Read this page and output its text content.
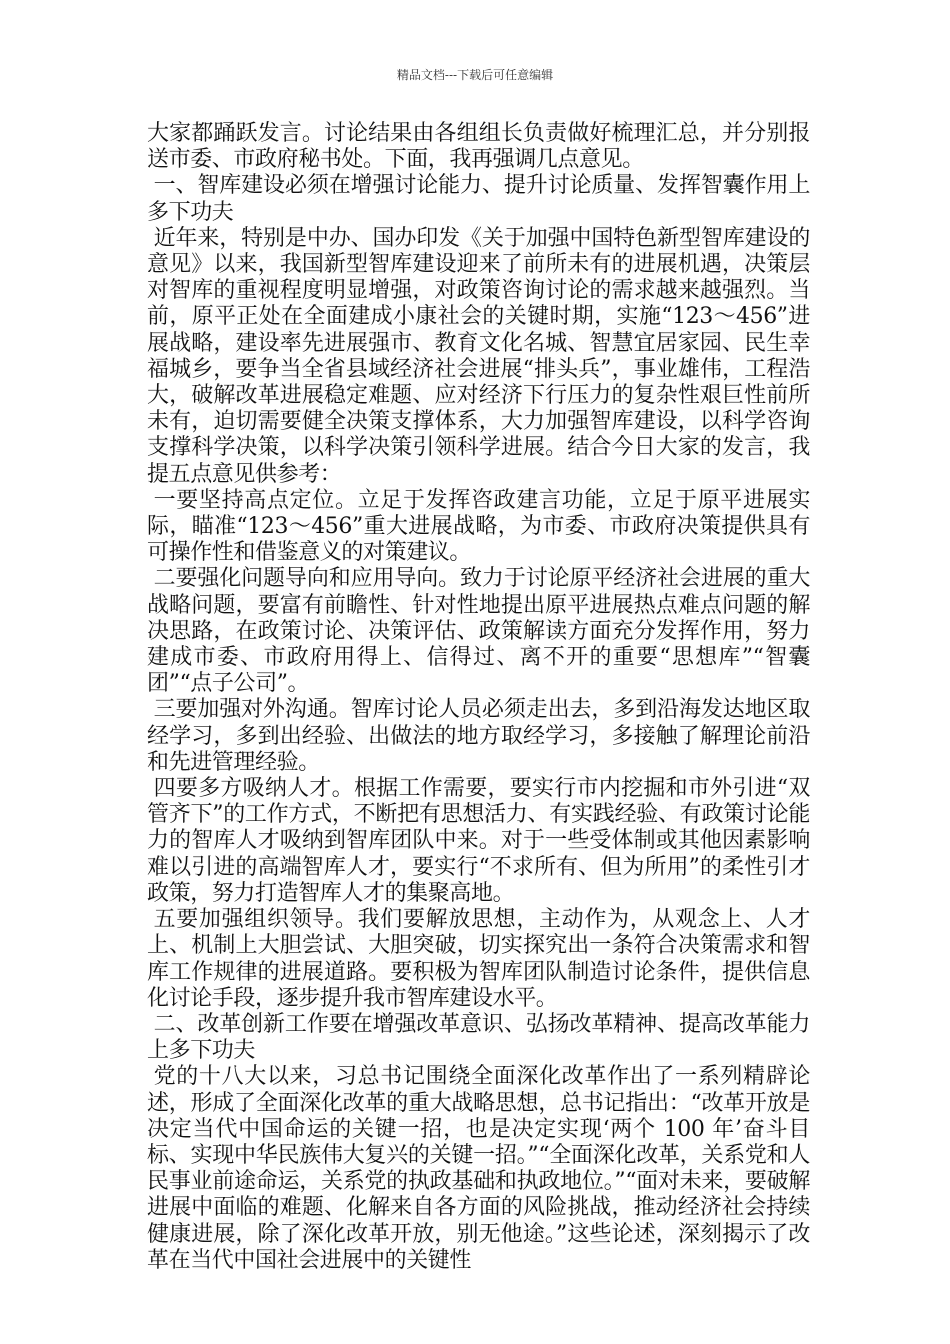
精品文档---下载后可任意编辑

大家都踊跃发言。讨论结果由各组组长负责做好梳理汇总，并分别报送市委、市政府秘书处。下面，我再强调几点意见。

一、智库建设必须在增强讨论能力、提升讨论质量、发挥智囊作用上多下功夫

近年来，特别是中办、国办印发《关于加强中国特色新型智库建设的意见》以来，我国新型智库建设迎来了前所未有的进展机遇，决策层对智库的重视程度明显增强，对政策咨询讨论的需求越来越强烈。当前，原平正处在全面建成小康社会的关键时期，实施“123～456”进展战略，建设率先进展强市、教育文化名城、智慧宜居家园、民生幸福城乡，要争当全省县域经济社会进展“排头兵”，事业雄伟，工程浩大，破解改革进展稳定难题、应对经济下行压力的复杂性艰巨性前所未有，迫切需要健全决策支撑体系，大力加强智库建设，以科学咨询支撑科学决策，以科学决策引领科学进展。结合今日大家的发言，我提五点意见供参考：

一要坚持高点定位。立足于发挥咨政建言功能，立足于原平进展实际，瞄准“123～456”重大进展战略，为市委、市政府决策提供具有可操作性和借鉴意义的对策建议。

二要强化问题导向和应用导向。致力于讨论原平经济社会进展的重大战略问题，要富有前瞻性、针对性地提出原平进展热点难点问题的解决思路，在政策讨论、决策评估、政策解读方面充分发挥作用，努力建成市委、市政府用得上、信得过、离不开的重要“思想库”“智囊团”“点子公司”。

三要加强对外沟通。智库讨论人员必须走出去，多到沿海发达地区取经学习，多到出经验、出做法的地方取经学习，多接触了解理论前沿和先进管理经验。

四要多方吸纳人才。根据工作需要，要实行市内挖掘和市外引进“双管齐下”的工作方式，不断把有思想活力、有实践经验、有政策讨论能力的智库人才吸纳到智库团队中来。对于一些受体制或其他因素影响难以引进的高端智库人才，要实行“不求所有、但为所用”的柔性引才政策，努力打造智库人才的集聚高地。

五要加强组织领导。我们要解放思想，主动作为，从观念上、人才上、机制上大胆尝试、大胆突破，切实探究出一条符合决策需求和智库工作规律的进展道路。要积极为智库团队制造讨论条件，提供信息化讨论手段，逐步提升我市智库建设水平。

二、改革创新工作要在增强改革意识、弘扬改革精神、提高改革能力上多下功夫

党的十八大以来，习总书记围绕全面深化改革作出了一系列精辟论述，形成了全面深化改革的重大战略思想，总书记指出：“改革开放是决定当代中国命运的关键一招，也是决定实现‘两个 100 年’奋斗目标、实现中华民族伟大复兴的关键一招。”“全面深化改革，关系党和人民事业前途命运，关系党的执政基础和执政地位。”“面对未来，要破解进展中面临的难题、化解来自各方面的风险挑战，推动经济社会持续健康进展，除了深化改革开放，别无他途。”这些论述，深刻揭示了改革在当代中国社会进展中的关键性
